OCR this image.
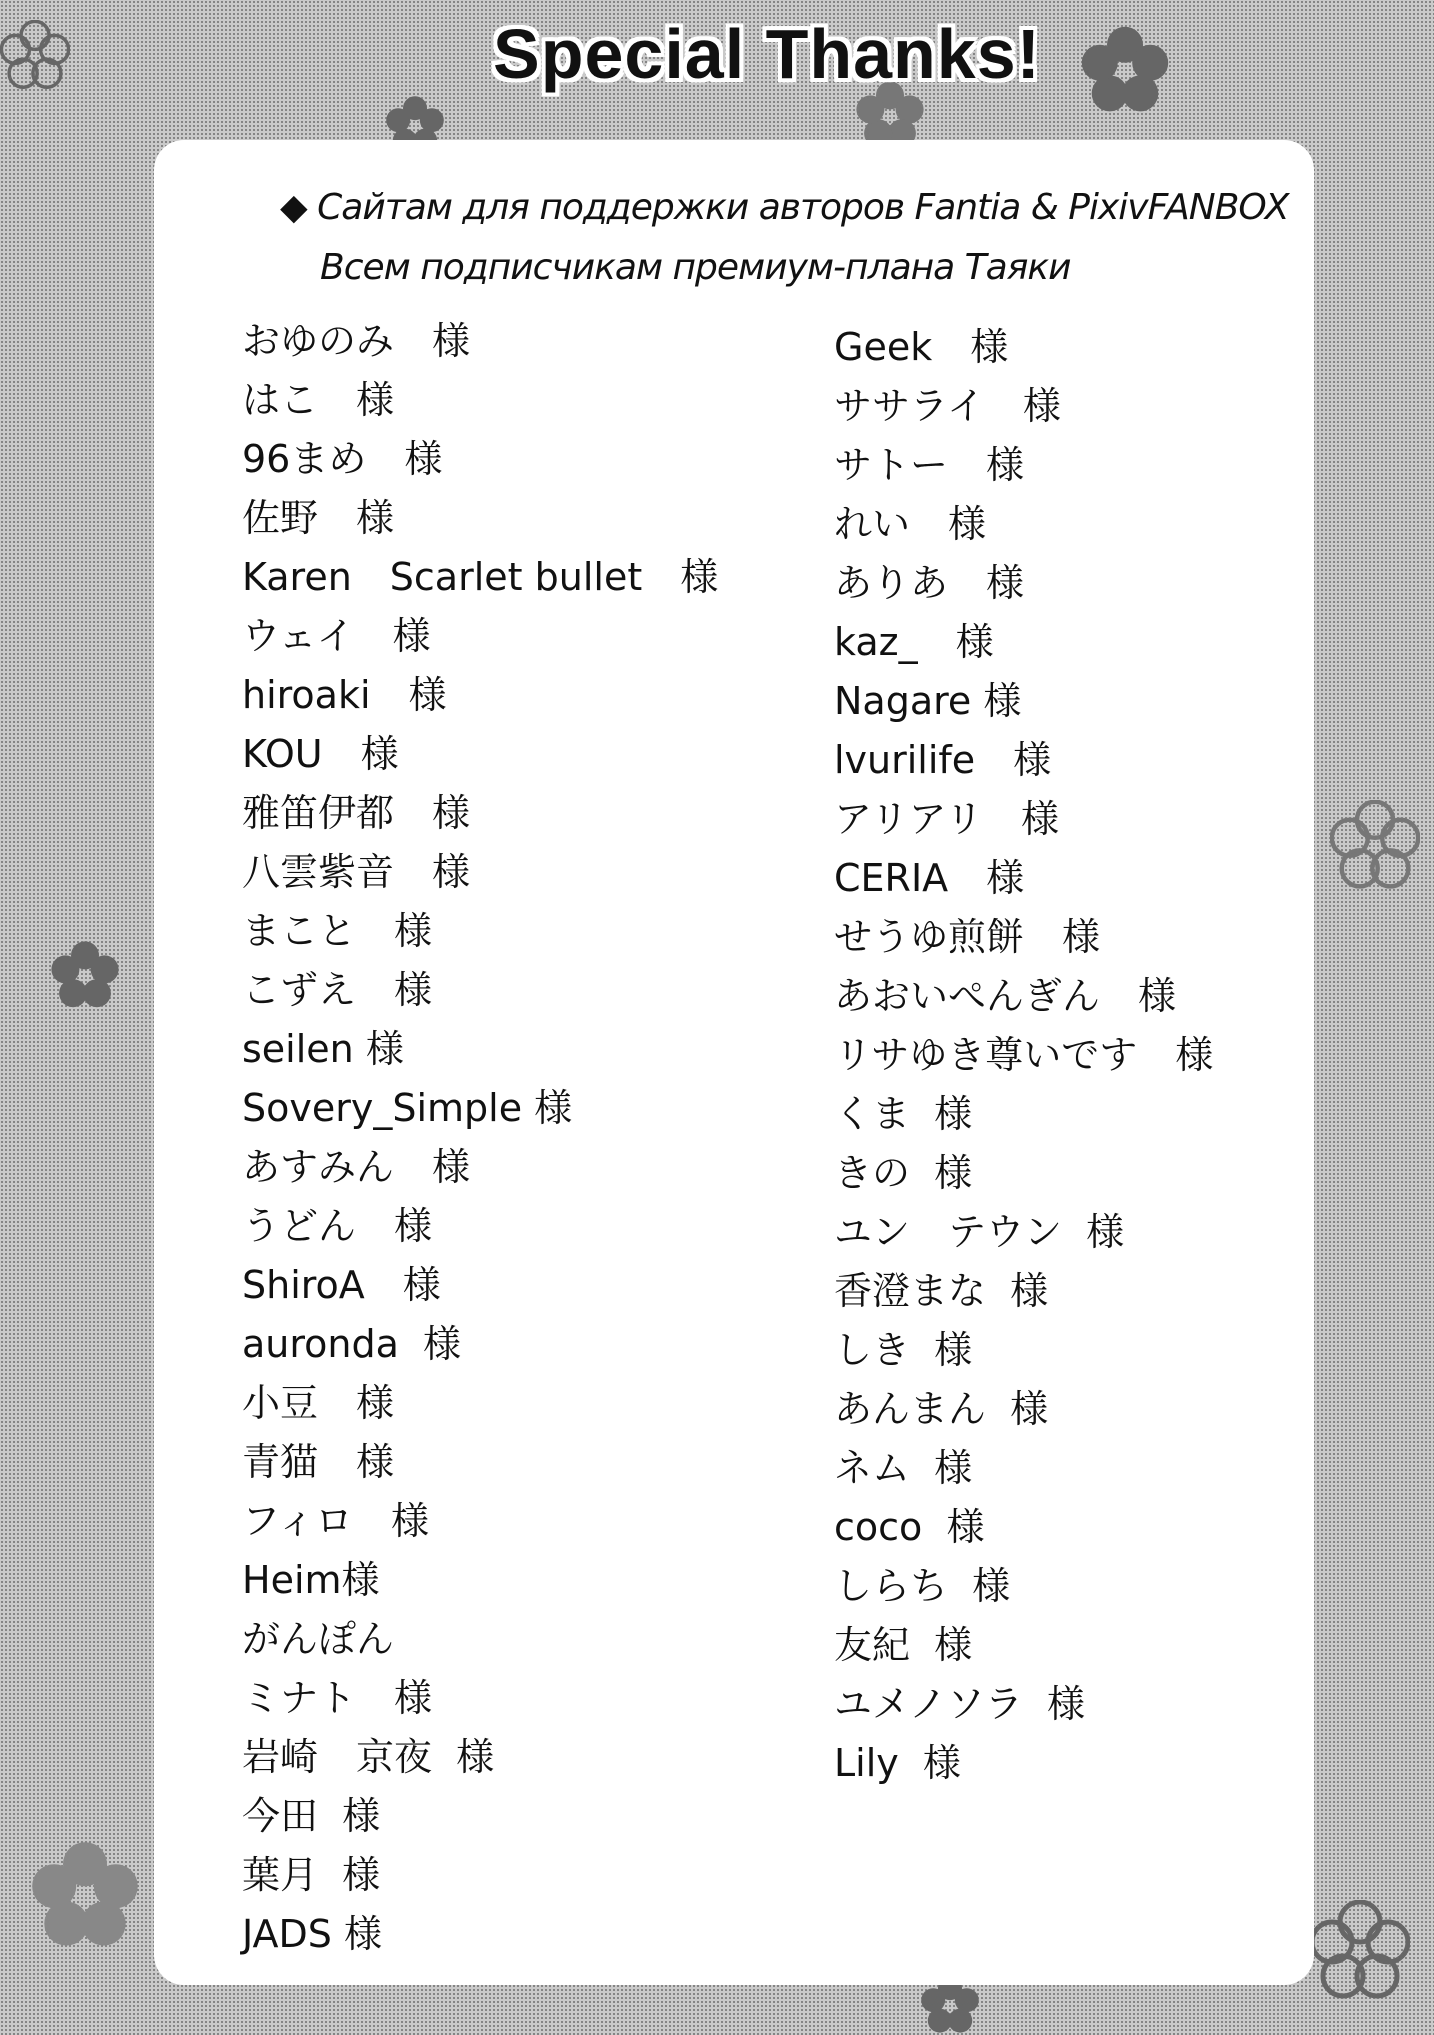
Special Thanks!
◆ Сайтам для поддержки авторов Fantia & PixivFANBOX
Всем подписчикам премиум-плана Таяки
おゆのみ　様
はこ　様
96まめ　様
佐野　様
Karen　Scarlet bullet　様
ウェイ　様
hiroaki　様
KOU　様
雅笛伊都　様
八雲紫音　様
まこと　様
こずえ　様
seilen 様
Sovery_Simple 様
あすみん　様
うどん　様
ShiroA　様
auronda  様
小豆　様
青猫　様
フィロ　様
Heim様
がんぽん
ミナト　様
岩崎　京夜  様
今田  様
葉月  様
JADS 様
Geek　様
ササライ　様
サトー　様
れい　様
ありあ　様
kaz_　様
Nagare 様
lvurilife　様
アリアリ　様
CERIA　様
せうゆ煎餅　様
あおいぺんぎん　様
リサゆき尊いです　様
くま  様
きの  様
ユン　テウン  様
香澄まな  様
しき  様
あんまん  様
ネム  様
coco  様
しらち  様
友紀  様
ユメノソラ  様
Lily  様
